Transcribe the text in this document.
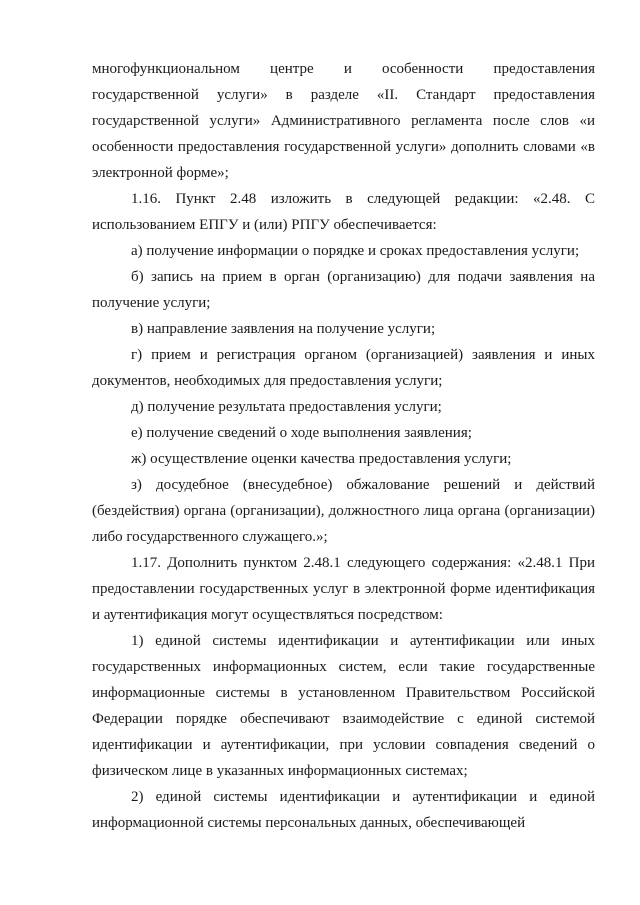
многофункциональном центре и особенности предоставления государственной услуги» в разделе «II. Стандарт предоставления государственной услуги» Административного регламента после слов «и особенности предоставления государственной услуги» дополнить словами «в электронной форме»;

1.16. Пункт 2.48 изложить в следующей редакции: «2.48. С использованием ЕПГУ и (или) РПГУ обеспечивается:

а) получение информации о порядке и сроках предоставления услуги;

б) запись на прием в орган (организацию) для подачи заявления на получение услуги;

в) направление заявления на получение услуги;

г) прием и регистрация органом (организацией) заявления и иных документов, необходимых для предоставления услуги;

д) получение результата предоставления услуги;

е) получение сведений о ходе выполнения заявления;

ж) осуществление оценки качества предоставления услуги;

з) досудебное (внесудебное) обжалование решений и действий (бездействия) органа (организации), должностного лица органа (организации) либо государственного служащего.»;

1.17. Дополнить пунктом 2.48.1 следующего содержания: «2.48.1 При предоставлении государственных услуг в электронной форме идентификация и аутентификация могут осуществляться посредством:

1) единой системы идентификации и аутентификации или иных государственных информационных систем, если такие государственные информационные системы в установленном Правительством Российской Федерации порядке обеспечивают взаимодействие с единой системой идентификации и аутентификации, при условии совпадения сведений о физическом лице в указанных информационных системах;

2) единой системы идентификации и аутентификации и единой информационной системы персональных данных, обеспечивающей
